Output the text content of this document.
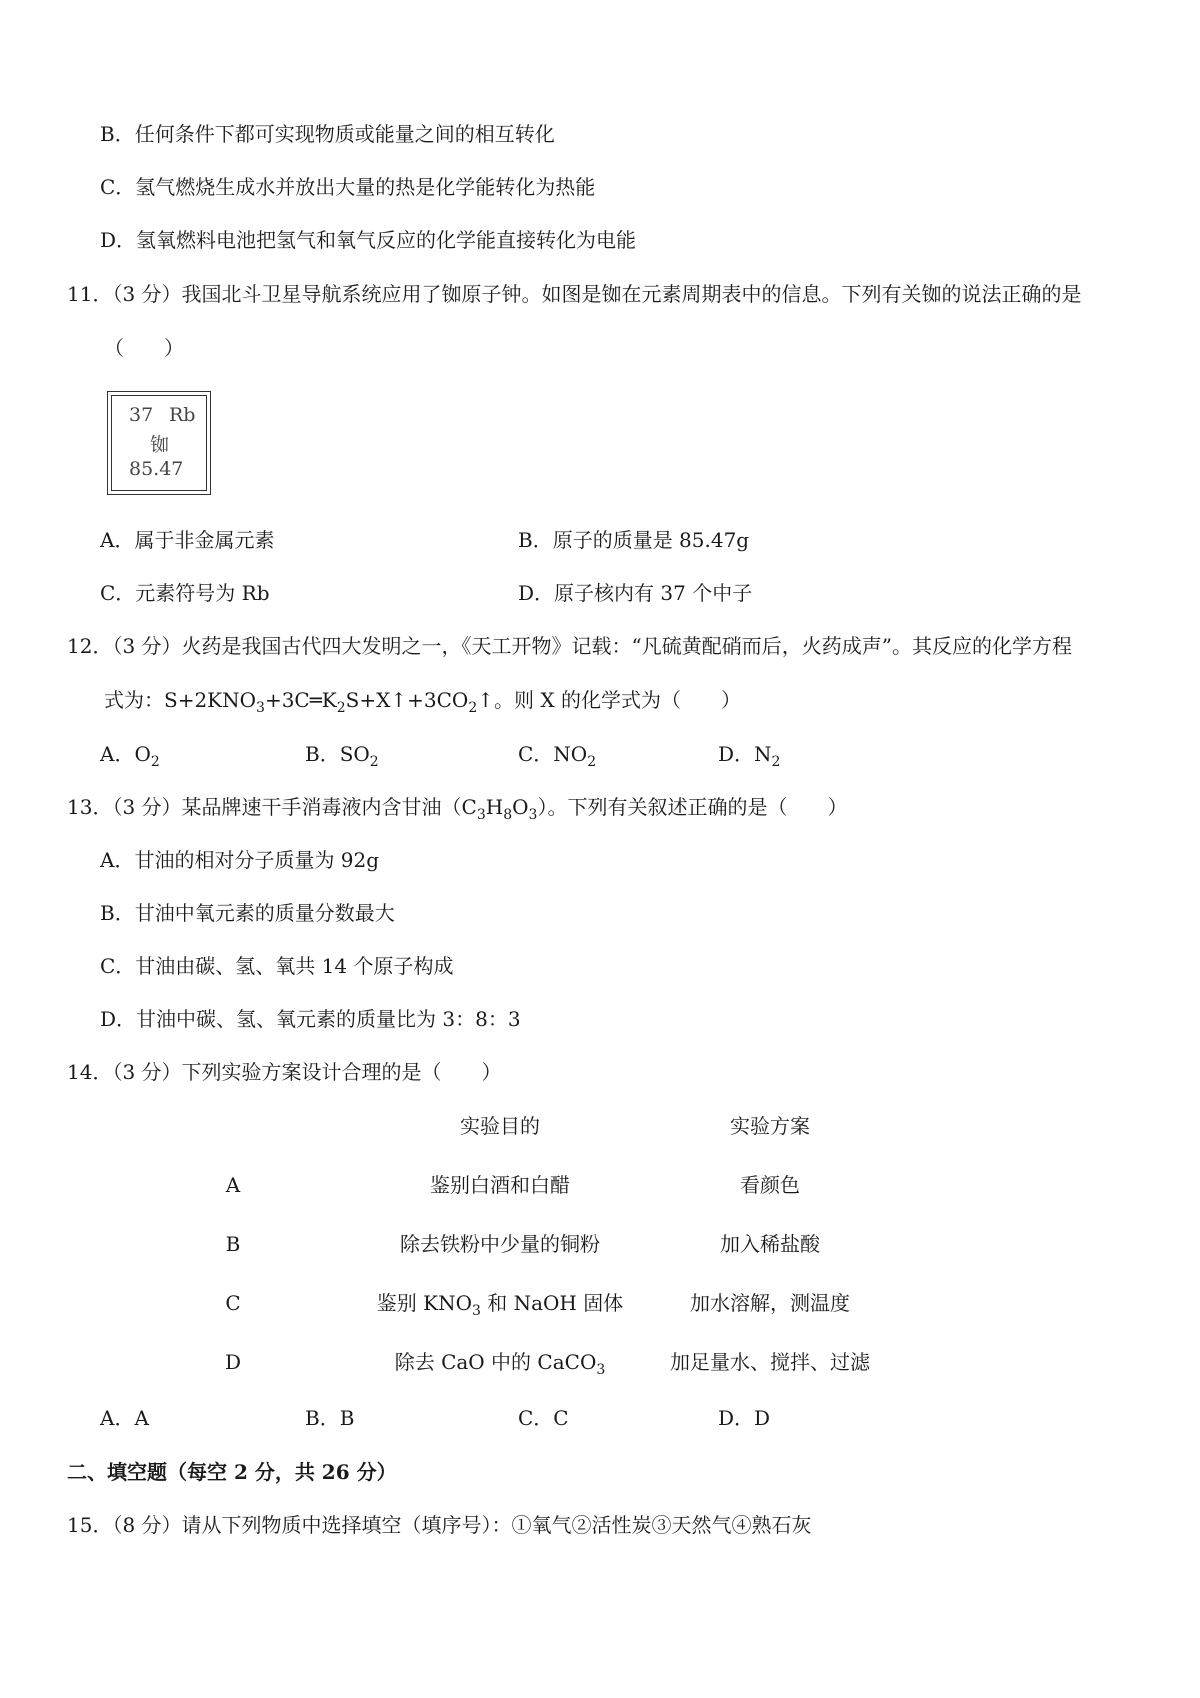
B．任何条件下都可实现物质或能量之间的相互转化
C．氢气燃烧生成水并放出大量的热是化学能转化为热能
D．氢氧燃料电池把氢气和氧气反应的化学能直接转化为电能
11．（3 分）我国北斗卫星导航系统应用了铷原子钟。如图是铷在元素周期表中的信息。下列有关铷的说法正确的是
（　　）
37 Rb
铷
85.47
A．属于非金属元素	B．原子的质量是 85.47g
C．元素符号为 Rb	D．原子核内有 37 个中子
12．（3 分）火药是我国古代四大发明之一，《天工开物》记载：“凡硫黄配硝而后，火药成声”。其反应的化学方程
式为：$S+2KNO_3+3C═K_2S+X↑+3CO_2↑$。则 X 的化学式为（　　）
A．$O_2$	B．$SO_2$	C．$NO_2$	D．$N_2$
13．（3 分）某品牌速干手消毒液内含甘油$(C_3H_8O_3)$。下列有关叙述正确的是（　　）
A．甘油的相对分子质量为 92g
B．甘油中氧元素的质量分数最大
C．甘油由碳、氢、氧共 14 个原子构成
D．甘油中碳、氢、氧元素的质量比为 3：8：3
14．（3 分）下列实验方案设计合理的是（　　）
实验目的	实验方案
A	鉴别白酒和白醋	看颜色
B	除去铁粉中少量的铜粉	加入稀盐酸
C	鉴别 $KNO_3$ 和 NaOH 固体	加水溶解，测温度
D	除去 CaO 中的 CaCO$_3$	加足量水、搅拌、过滤
A．A	B．B	C．C	D．D
二、填空题（每空 2 分，共 26 分）
15．（8 分）请从下列物质中选择填空（填序号）：①氧气②活性炭③天然气④熟石灰
